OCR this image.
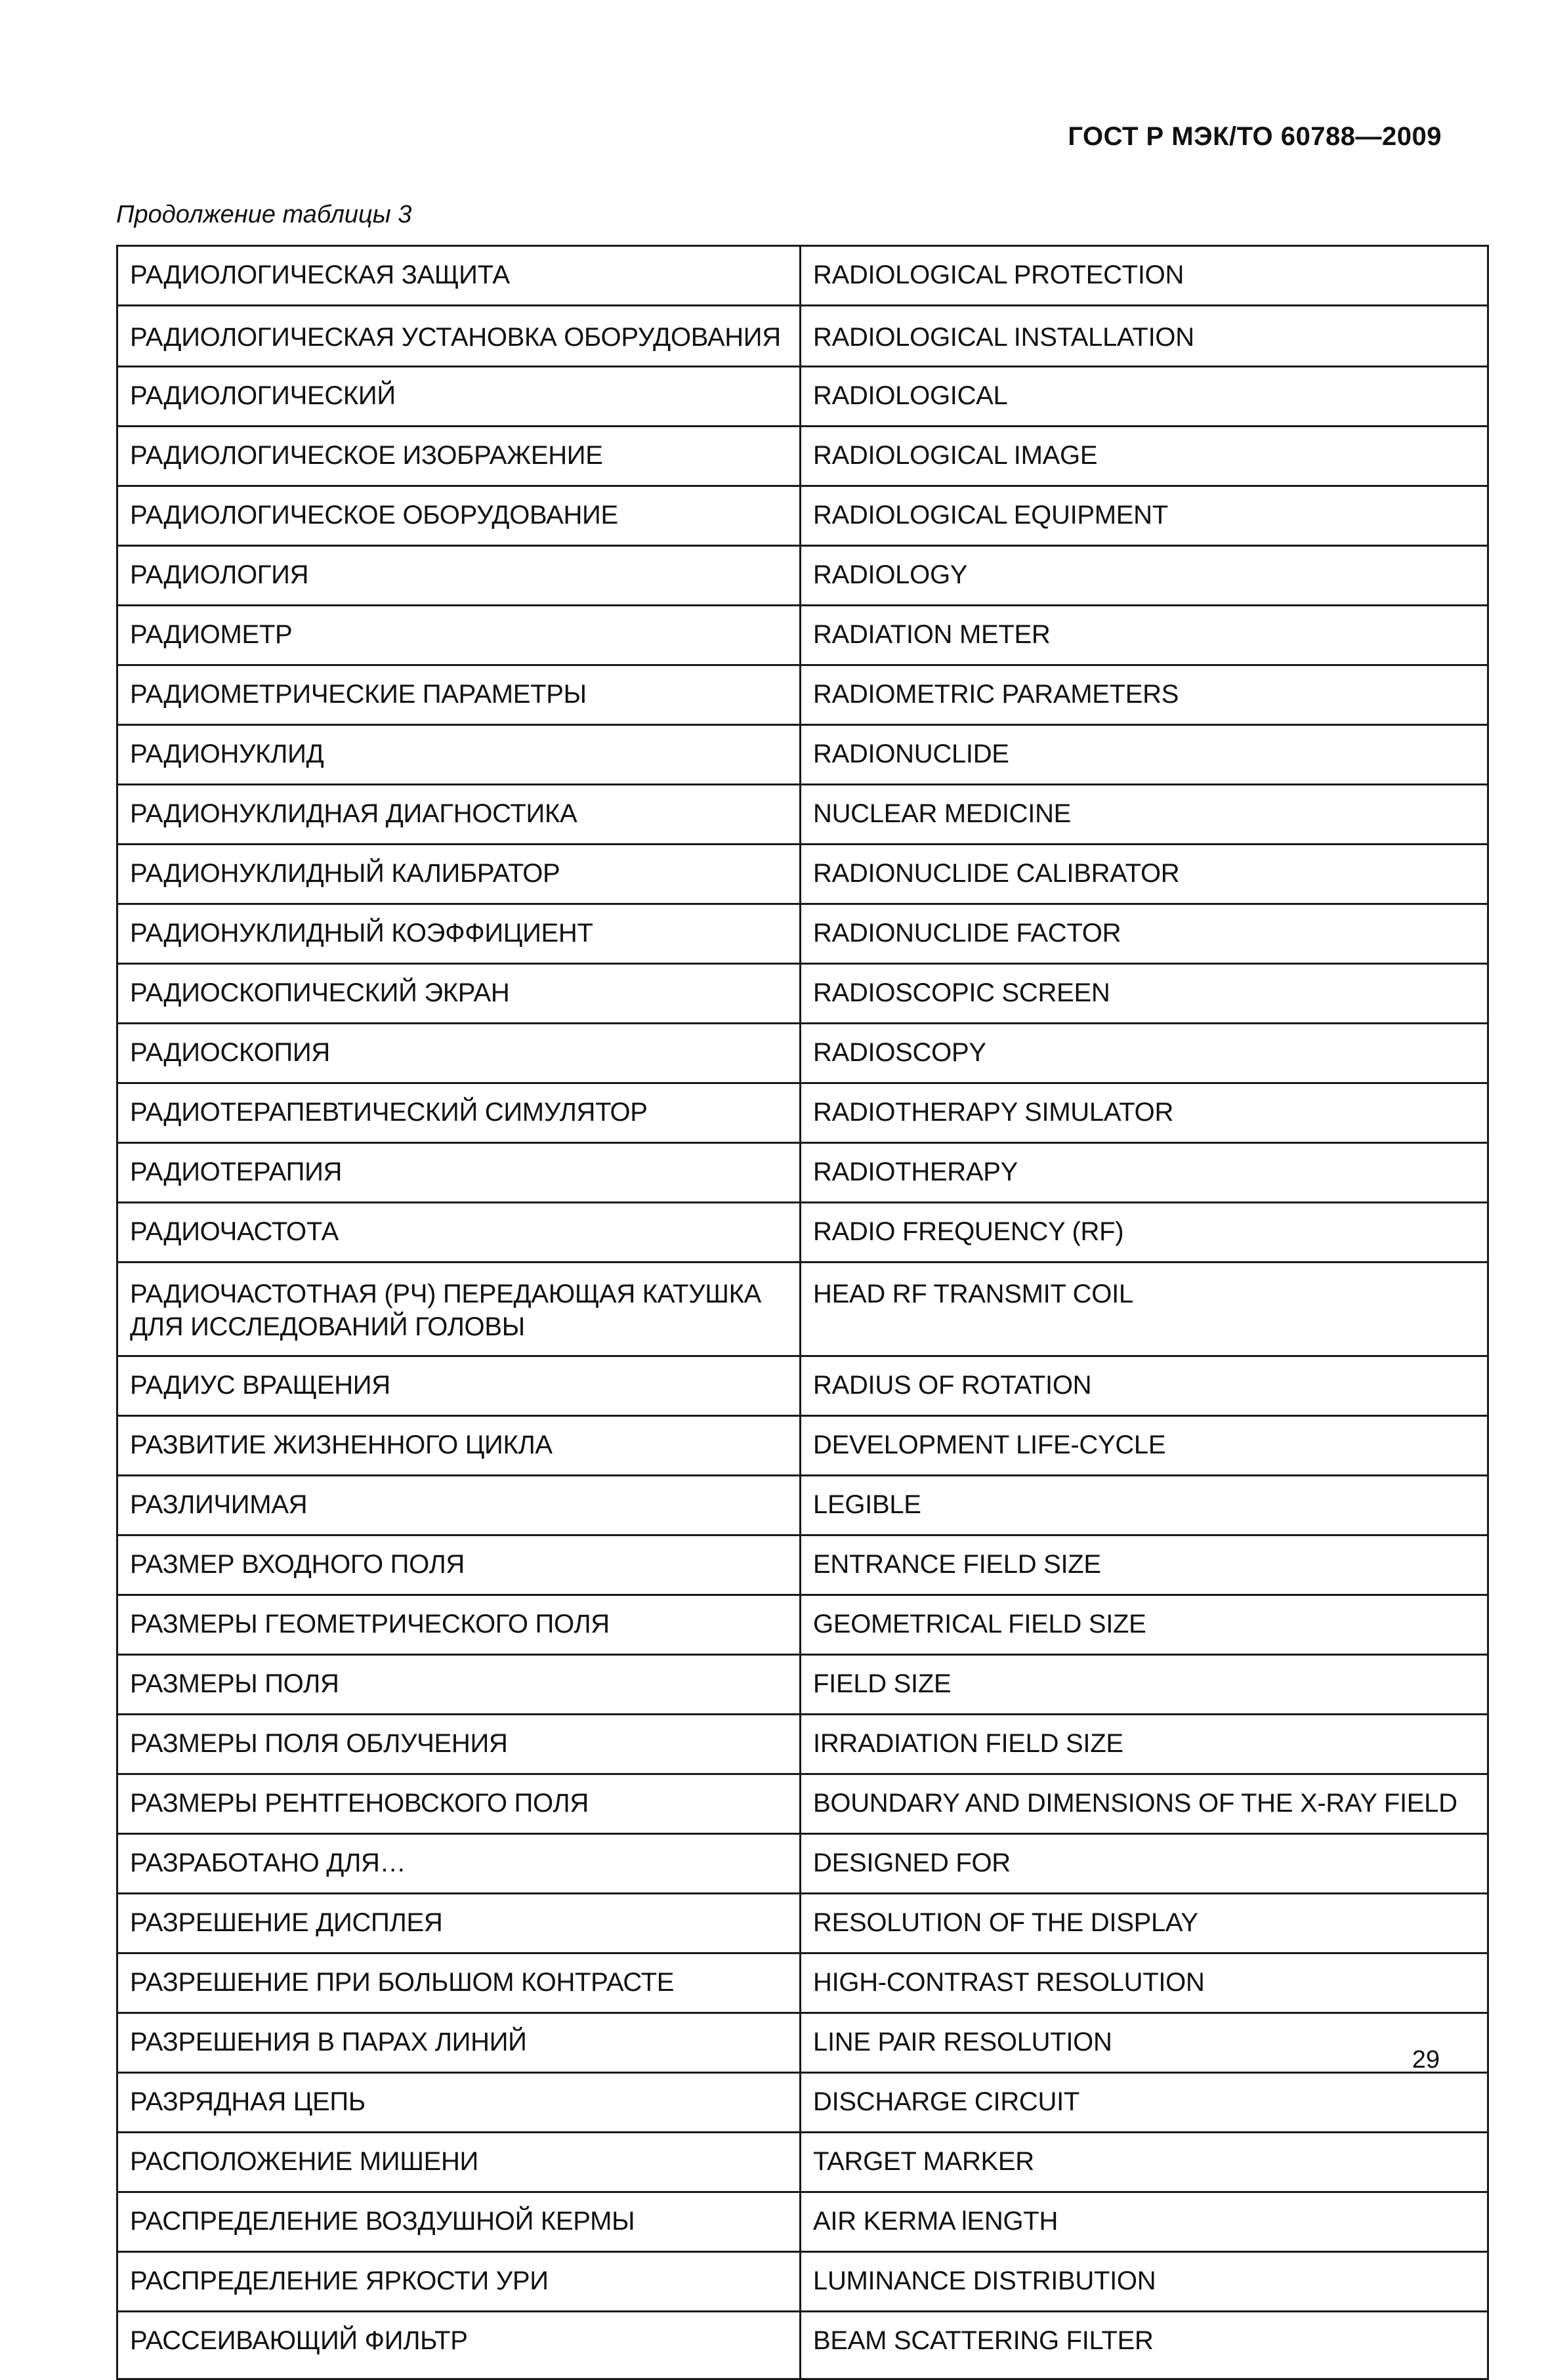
ГОСТ Р МЭК/ТО 60788—2009
Продолжение таблицы 3
РАДИОЛОГИЧЕСКАЯ ЗАЩИТА	RADIOLOGICAL PROTECTION
РАДИОЛОГИЧЕСКАЯ УСТАНОВКА ОБОРУДОВАНИЯ	RADIOLOGICAL INSTALLATION
РАДИОЛОГИЧЕСКИЙ	RADIOLOGICAL
РАДИОЛОГИЧЕСКОЕ ИЗОБРАЖЕНИЕ	RADIOLOGICAL IMAGE
РАДИОЛОГИЧЕСКОЕ ОБОРУДОВАНИЕ	RADIOLOGICAL EQUIPMENT
РАДИОЛОГИЯ	RADIOLOGY
РАДИОМЕТР	RADIATION METER
РАДИОМЕТРИЧЕСКИЕ ПАРАМЕТРЫ	RADIOMETRIC PARAMETERS
РАДИОНУКЛИД	RADIONUCLIDE
РАДИОНУКЛИДНАЯ ДИАГНОСТИКА	NUCLEAR MEDICINE
РАДИОНУКЛИДНЫЙ КАЛИБРАТОР	RADIONUCLIDE CALIBRATOR
РАДИОНУКЛИДНЫЙ КОЭФФИЦИЕНТ	RADIONUCLIDE FACTOR
РАДИОСКОПИЧЕСКИЙ ЭКРАН	RADIOSCOPIC SCREEN
РАДИОСКОПИЯ	RADIOSCOPY
РАДИОТЕРАПЕВТИЧЕСКИЙ СИМУЛЯТОР	RADIOTHERAPY SIMULATOR
РАДИОТЕРАПИЯ	RADIOTHERAPY
РАДИОЧАСТОТА	RADIO FREQUENCY (RF)
РАДИОЧАСТОТНАЯ (РЧ) ПЕРЕДАЮЩАЯ КАТУШКА ДЛЯ ИССЛЕДОВАНИЙ ГОЛОВЫ	HEAD RF TRANSMIT COIL
РАДИУС ВРАЩЕНИЯ	RADIUS OF ROTATION
РАЗВИТИЕ ЖИЗНЕННОГО ЦИКЛА	DEVELOPMENT LIFE-CYCLE
РАЗЛИЧИМАЯ	LEGIBLE
РАЗМЕР ВХОДНОГО ПОЛЯ	ENTRANCE FIELD SIZE
РАЗМЕРЫ ГЕОМЕТРИЧЕСКОГО ПОЛЯ	GEOMETRICAL FIELD SIZE
РАЗМЕРЫ ПОЛЯ	FIELD SIZE
РАЗМЕРЫ ПОЛЯ ОБЛУЧЕНИЯ	IRRADIATION FIELD SIZE
РАЗМЕРЫ РЕНТГЕНОВСКОГО ПОЛЯ	BOUNDARY AND DIMENSIONS OF THE X-RAY FIELD
РАЗРАБОТАНО ДЛЯ…	DESIGNED FOR
РАЗРЕШЕНИЕ ДИСПЛЕЯ	RESOLUTION OF THE DISPLAY
РАЗРЕШЕНИЕ ПРИ БОЛЬШОМ КОНТРАСТЕ	HIGH-CONTRAST RESOLUTION
РАЗРЕШЕНИЯ В ПАРАХ ЛИНИЙ	LINE PAIR RESOLUTION
РАЗРЯДНАЯ ЦЕПЬ	DISCHARGE CIRCUIT
РАСПОЛОЖЕНИЕ МИШЕНИ	TARGET MARKER
РАСПРЕДЕЛЕНИЕ ВОЗДУШНОЙ КЕРМЫ	AIR KERMA lENGTH
РАСПРЕДЕЛЕНИЕ ЯРКОСТИ УРИ	LUMINANCE DISTRIBUTION
РАССЕИВАЮЩИЙ ФИЛЬТР	BEAM SCATTERING FILTER
29
